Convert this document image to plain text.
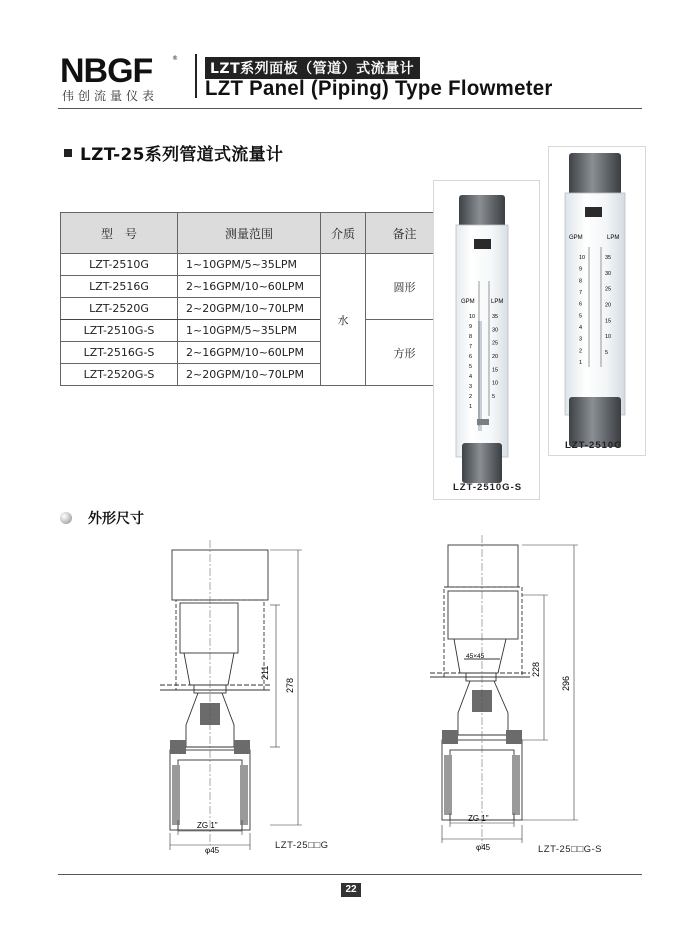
NBGF	®
伟创流量仪表
LZT系列面板（管道）式流量计
LZT Panel (Piping) Type Flowmeter
LZT-25系列管道式流量计
型　号	测量范围	介质	备注
LZT-2510G	1~10GPM/5~35LPM	水	圆形
LZT-2516G	2~16GPM/10~60LPM		
LZT-2520G	2~20GPM/10~70LPM		
LZT-2510G-S	1~10GPM/5~35LPM		方形
LZT-2516G-S	2~16GPM/10~60LPM		
LZT-2520G-S	2~20GPM/10~70LPM		
10
9
8
7
6
5
4
3
2
1
35
30
25
20
15
10
5
GPM	LPM
LZT-2510G-S
10
9
8
7
6
5
4
3
2
1
35
30
25
20
15
10
5
GPM	LPM
LZT-2510G
外形尺寸
211
278
ZG 1"
φ45	LZT-25□□G
228
296
45×45
ZG 1"
φ45	LZT-25□□G-S
22
